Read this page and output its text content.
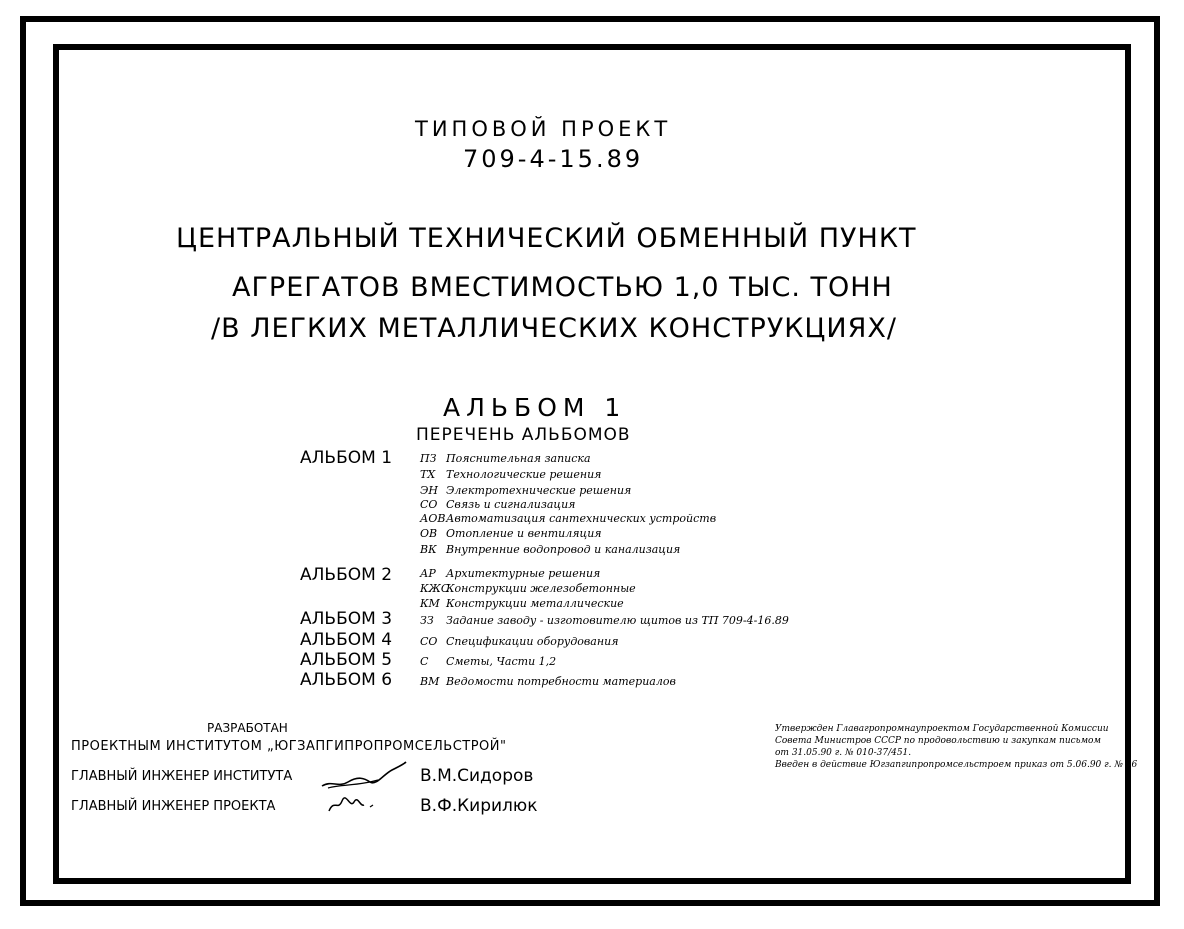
ТИПОВОЙ ПРОЕКТ
709-4-15.89
ЦЕНТРАЛЬНЫЙ ТЕХНИЧЕСКИЙ ОБМЕННЫЙ ПУНКТ
АГРЕГАТОВ ВМЕСТИМОСТЬЮ 1,0 ТЫС. ТОНН
/В ЛЕГКИХ МЕТАЛЛИЧЕСКИХ КОНСТРУКЦИЯХ/
АЛЬБОМ 1
ПЕРЕЧЕНЬ АЛЬБОМОВ
АЛЬБОМ 1	ПЗ Пояснительная записка
ТХ Технологические решения
ЭН Электротехнические решения
СО Связь и сигнализация
АОВАвтоматизация сантехнических устройств
ОВ Отопление и вентиляция
ВК Внутренние водопровод и канализация
АЛЬБОМ 2	АР Архитектурные решения
КЖСКонструкции железобетонные
КМ Конструкции металлические
АЛЬБОМ 3	ЗЗ Задание заводу - изготовителю щитов из ТП 709-4-16.89
АЛЬБОМ 4	СО Спецификации оборудования
АЛЬБОМ 5	С Сметы, Части 1,2
АЛЬБОМ 6	ВМ Ведомости потребности материалов
РАЗРАБОТАН
ПРОЕКТНЫМ ИНСТИТУТОМ „ЮГЗАПГИПРОПРОМСЕЛЬСТРОЙ"
ГЛАВНЫЙ ИНЖЕНЕР ИНСТИТУТА	В.М.Сидоров
ГЛАВНЫЙ ИНЖЕНЕР ПРОЕКТА	В.Ф.Кирилюк
Утвержден Главагропромнаупроектом Государственной Комиссии
Совета Министров СССР по продовольствию и закупкам письмом
от 31.05.90 г. № 010-37/451.
Введен в действие Югзапгипропромсельстроем приказ от 5.06.90 г. № 46
